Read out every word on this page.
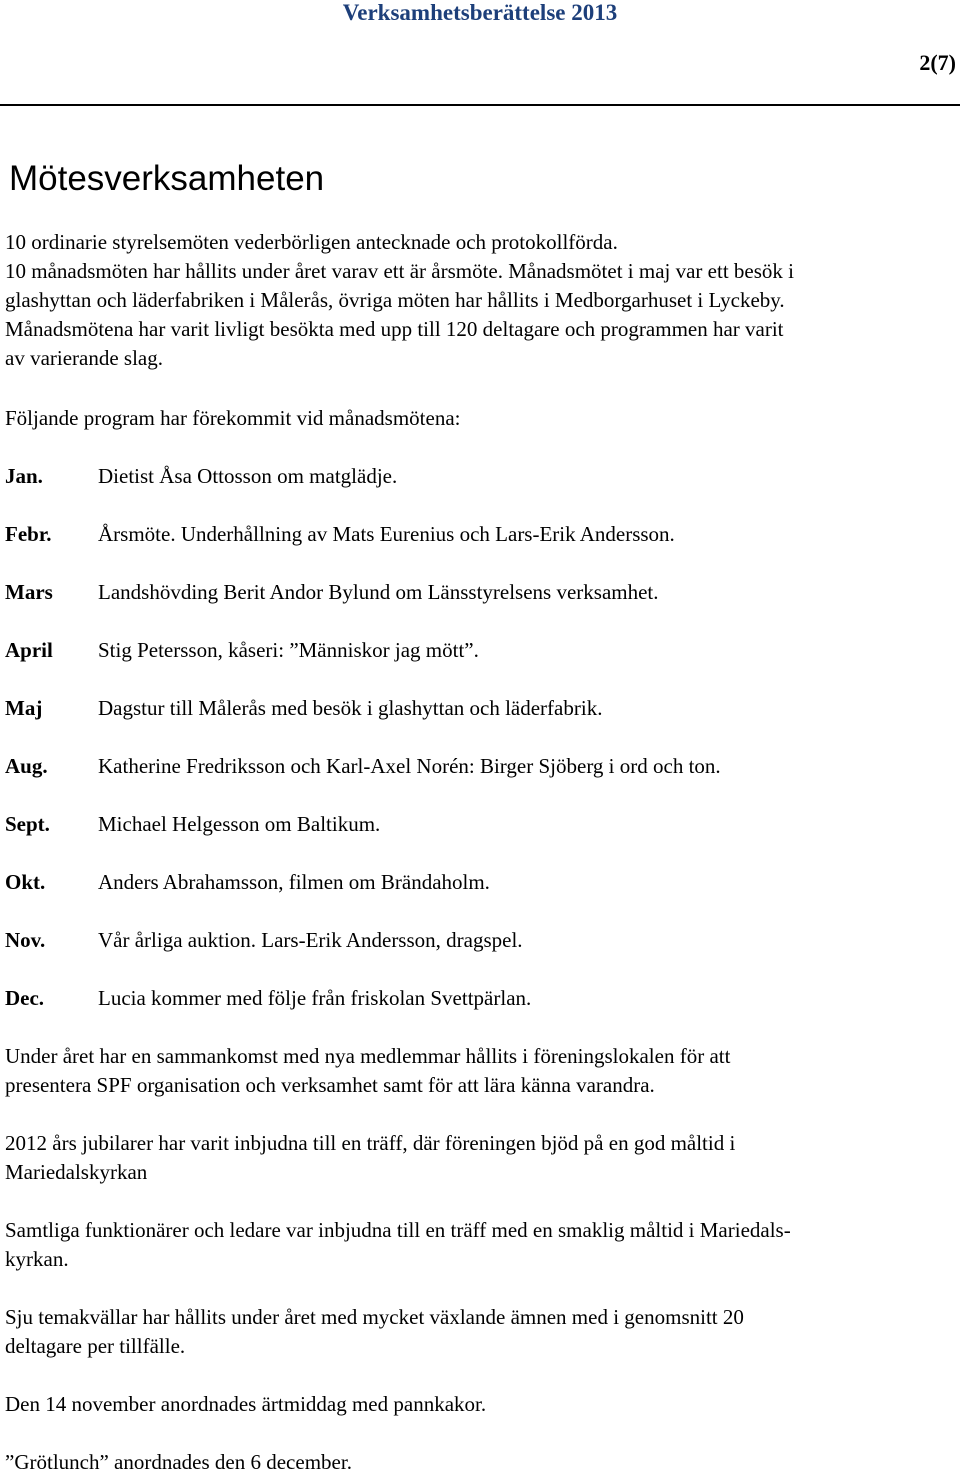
Verksamhetsberättelse 2013
2(7)
Mötesverksamheten

10 ordinarie styrelsemöten vederbörligen antecknade och protokollförda.
10 månadsmöten har hållits under året varav ett är årsmöte. Månadsmötet i maj var ett besök i
glashyttan och läderfabriken i Målerås, övriga möten har hållits i Medborgarhuset i Lyckeby.
Månadsmötena har varit livligt besökta med upp till 120 deltagare och programmen har varit
av varierande slag.

Följande program har förekommit vid månadsmötena:

Jan.	Dietist Åsa Ottosson om matglädje.
Febr. Årsmöte. Underhållning av Mats Eurenius och Lars-Erik Andersson.
Mars Landshövding Berit Andor Bylund om Länsstyrelsens verksamhet.
April Stig Petersson, kåseri: ”Människor jag mött”.
Maj	Dagstur till Målerås med besök i glashyttan och läderfabrik.
Aug. Katherine Fredriksson och Karl-Axel Norén: Birger Sjöberg i ord och ton.
Sept. Michael Helgesson om Baltikum.
Okt.	Anders Abrahamsson, filmen om Brändaholm.
Nov.	Vår årliga auktion. Lars-Erik Andersson, dragspel.
Dec.	Lucia kommer med följe från friskolan Svettpärlan.

Under året har en sammankomst med nya medlemmar hållits i föreningslokalen för att
presentera SPF organisation och verksamhet samt för att lära känna varandra.

2012 års jubilarer har varit inbjudna till en träff, där föreningen bjöd på en god måltid i
Mariedalskyrkan

Samtliga funktionärer och ledare var inbjudna till en träff med en smaklig måltid i Mariedals-
kyrkan.

Sju temakvällar har hållits under året med mycket växlande ämnen med i genomsnitt 20
deltagare per tillfälle.

Den 14 november anordnades ärtmiddag med pannkakor.

”Grötlunch” anordnades den 6 december.
